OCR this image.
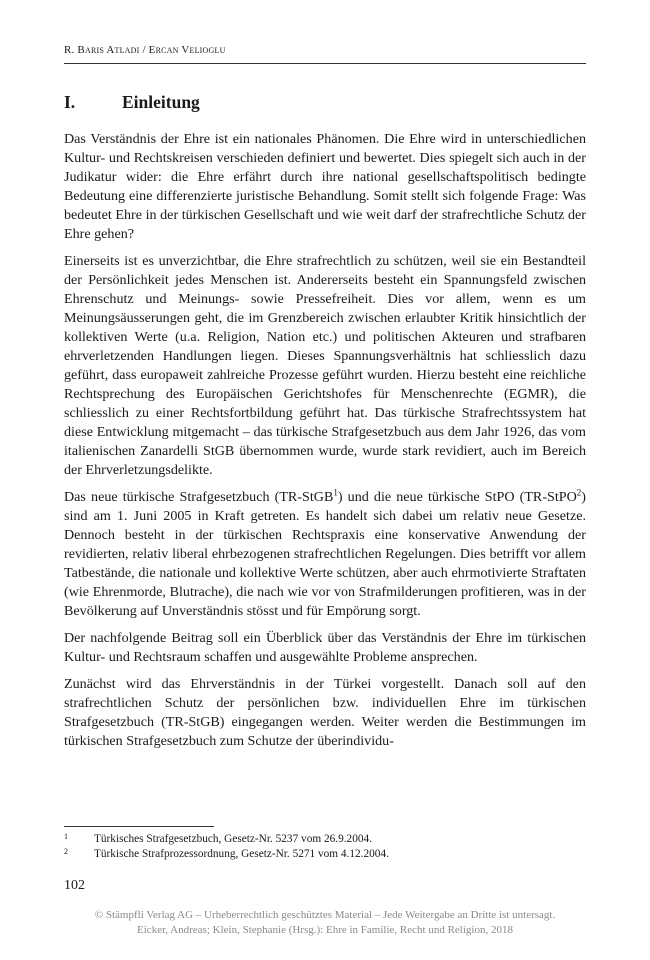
R. Baris Atladi / Ercan Velioglu
I.	Einleitung

Das Verständnis der Ehre ist ein nationales Phänomen. Die Ehre wird in unterschiedlichen Kultur- und Rechtskreisen verschieden definiert und bewertet. Dies spiegelt sich auch in der Judikatur wider: die Ehre erfährt durch ihre national gesellschaftspolitisch bedingte Bedeutung eine differenzierte juristische Behandlung. Somit stellt sich folgende Frage: Was bedeutet Ehre in der türkischen Gesellschaft und wie weit darf der strafrechtliche Schutz der Ehre gehen?

Einerseits ist es unverzichtbar, die Ehre strafrechtlich zu schützen, weil sie ein Bestandteil der Persönlichkeit jedes Menschen ist. Andererseits besteht ein Spannungsfeld zwischen Ehrenschutz und Meinungs- sowie Pressefreiheit. Dies vor allem, wenn es um Meinungsäusserungen geht, die im Grenzbereich zwischen erlaubter Kritik hinsichtlich der kollektiven Werte (u.a. Religion, Nation etc.) und politischen Akteuren und strafbaren ehrverletzenden Handlungen liegen. Dieses Spannungsverhältnis hat schliesslich dazu geführt, dass europaweit zahlreiche Prozesse geführt wurden. Hierzu besteht eine reichliche Rechtsprechung des Europäischen Gerichtshofes für Menschenrechte (EGMR), die schliesslich zu einer Rechtsfortbildung geführt hat. Das türkische Strafrechtssystem hat diese Entwicklung mitgemacht – das türkische Strafgesetzbuch aus dem Jahr 1926, das vom italienischen Zanardelli StGB übernommen wurde, wurde stark revidiert, auch im Bereich der Ehrverletzungsdelikte.

Das neue türkische Strafgesetzbuch (TR-StGB$^1$) und die neue türkische StPO (TR-StPO$^2$) sind am 1. Juni 2005 in Kraft getreten. Es handelt sich dabei um relativ neue Gesetze. Dennoch besteht in der türkischen Rechtspraxis eine konservative Anwendung der revidierten, relativ liberal ehrbezogenen strafrechtlichen Regelungen. Dies betrifft vor allem Tatbestände, die nationale und kollektive Werte schützen, aber auch ehrmotivierte Straftaten (wie Ehrenmorde, Blutrache), die nach wie vor von Strafmilderungen profitieren, was in der Bevölkerung auf Unverständnis stösst und für Empörung sorgt.

Der nachfolgende Beitrag soll ein Überblick über das Verständnis der Ehre im türkischen Kultur- und Rechtsraum schaffen und ausgewählte Probleme ansprechen.

Zunächst wird das Ehrverständnis in der Türkei vorgestellt. Danach soll auf den strafrechtlichen Schutz der persönlichen bzw. individuellen Ehre im türkischen Strafgesetzbuch (TR-StGB) eingegangen werden. Weiter werden die Bestimmungen im türkischen Strafgesetzbuch zum Schutze der überindividu-

1	Türkisches Strafgesetzbuch, Gesetz-Nr. 5237 vom 26.9.2004.
2	Türkische Strafprozessordnung, Gesetz-Nr. 5271 vom 4.12.2004.
102
© Stämpfli Verlag AG – Urheberrechtlich geschütztes Material – Jede Weitergabe an Dritte ist untersagt.
Eicker, Andreas; Klein, Stephanie (Hrsg.): Ehre in Familie, Recht und Religion, 2018
